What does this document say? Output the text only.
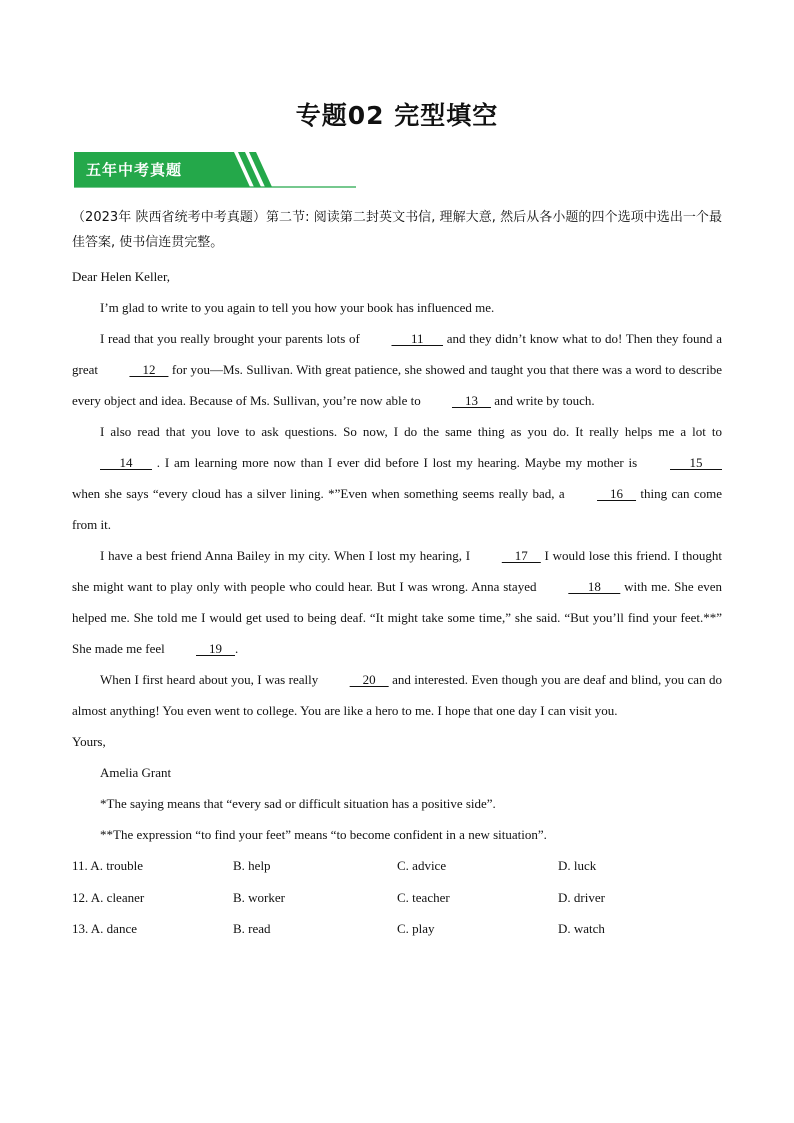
专题02 完型填空
五年中考真题

（2023年 陕西省统考中考真题）第二节: 阅读第二封英文书信, 理解大意, 然后从各小题的四个选项中选出一个最佳答案, 使书信连贯完整。

Dear Helen Keller,

I’m glad to write to you again to tell you how your book has influenced me.

I read that you really brought your parents lots of       11       and they didn’t know what to do! Then they found a great     12     for you—Ms. Sullivan. With great patience, she showed and taught you that there was a word to describe every object and idea. Because of Ms. Sullivan, you’re now able to     13     and write by touch.

I also read that you love to ask questions. So now, I do the same thing as you do. It really helps me a lot to       14       . I am learning more now than I ever did before I lost my hearing. Maybe my mother is       15       when she says “every cloud has a silver lining. *”Even when something seems really bad, a     16     thing can come from it.

I have a best friend Anna Bailey in my city. When I lost my hearing, I     17     I would lose this friend. I thought she might want to play only with people who could hear. But I was wrong. Anna stayed       18       with me. She even helped me. She told me I would get used to being deaf. “It might take some time,” she said. “But you’ll find your feet.**” She made me feel     19    .

When I first heard about you, I was really     20     and interested. Even though you are deaf and blind, you can do almost anything! You even went to college. You are like a hero to me. I hope that one day I can visit you.

Yours,

Amelia Grant

*The saying means that “every sad or difficult situation has a positive side”.

**The expression “to find your feet” means “to become confident in a new situation”.

11. A. trouble	B. help	C. advice	D. luck
12. A. cleaner	B. worker	C. teacher	D. driver
13. A. dance	B. read	C. play	D. watch
